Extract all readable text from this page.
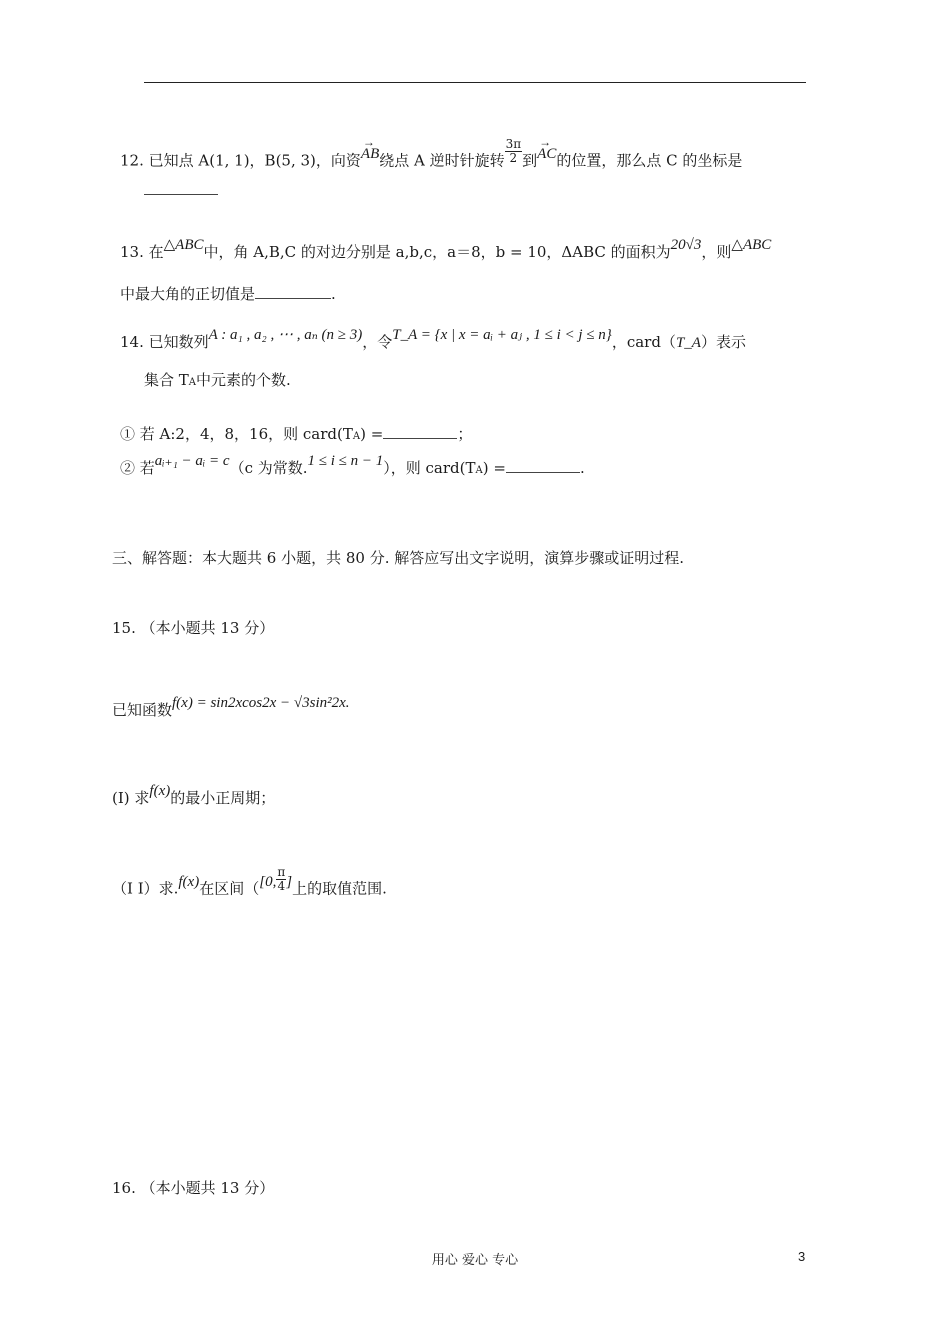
12. 已知点 A(1, 1)，B(5, 3)，向资→ AB绕点 A 逆时针旋转 $\frac{3\pi}{2}$ 到→ AC的位置，那么点 C 的坐标是
13. 在△ABC中，角 A,B,C 的对边分别是 a,b,c，a＝8，b = 10，ΔABC 的面积为20√3，则△ABC
中最大角的正切值是	.
14. 已知数列A : a₁ , a₂ , ⋯ , aₙ (n ≥ 3)，令T_A = {x | x = aᵢ + aⱼ , 1 ≤ i < j ≤ n}，card（T_A）表示
集合 TA中元素的个数.
① 若 A:2，4，8，16，则 card(TA) =	；
② 若aᵢ₊₁ − aᵢ = c（c 为常数.1 ≤ i ≤ n − 1），则 card(TA) =	.
三、解答题：本大题共 6 小题，共 80 分. 解答应写出文字说明，演算步骤或证明过程.
15. （本小题共 13 分）
已知函数f(x) = sin2xcos2x − √3sin²2x.
(I) 求f(x)的最小正周期；
（I I）求.f(x)在区间（[0, $\frac{\pi}{4}$ ]上的取值范围.
16. （本小题共 13 分）
用心 爱心 专心	3
